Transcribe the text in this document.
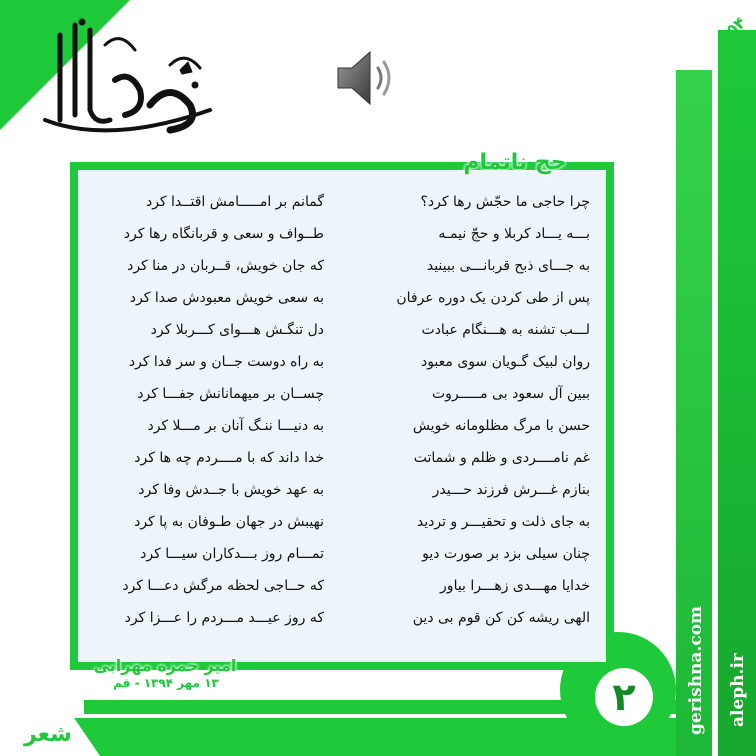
۷۵۴
gerishna.com aleph.ir
شعر
۲
حج ناتمام
چرا حاجی ما حجّش رها کرد؟
گمانم بر امـــــامش اقتــدا کرد
بـــه یـــاد کربلا و حجّ نیمـه
طــواف و سعی و قربانگاه رها کرد
به جـــای ذبح قربانـــی ببینید
که جان خویش، قــربان در منا کرد
پس از طی کردن یک دوره عرفان
به سعی خویش معبودش صدا کرد
لـــب تشنه به هـــنگام عبادت
دل تنگـش هـــوای کـــربلا کرد
روان لبیک گـویان سوی معبود
به راه دوست جــان و سر فدا کرد
ببین آل سعود بی مـــــروت
چســان بر میهمانانش جفـــا کرد
حسن با مرگ مظلومانه خویش
به دنیـــا ننـگ آنان بر مـــلا کرد
غم نامــــردی و ظلم و شماتت
خدا داند که با مــــردم چه ها کرد
بنازم غـــرش فرزند حـــیدر
به عهد خویش با جــدش وفا کرد
به جای ذلت و تحقیـــر و تردید
نهیبش در جهان طـوفان به پا کرد
چنان سیلی بزد بر صورت دیو
تمـــام روز بـــدکاران سیـــا کرد
خدایا مهـــدی زهـــرا بیاور
که حــاجی لحظه مرگش دعـــا کرد
الهی ریشه کن کن قوم بی دین
که روز عیـــد مـــردم را عـــزا کرد
امیر حمزه مهرابی
۱۳ مهر ۱۳۹۴ - قم
